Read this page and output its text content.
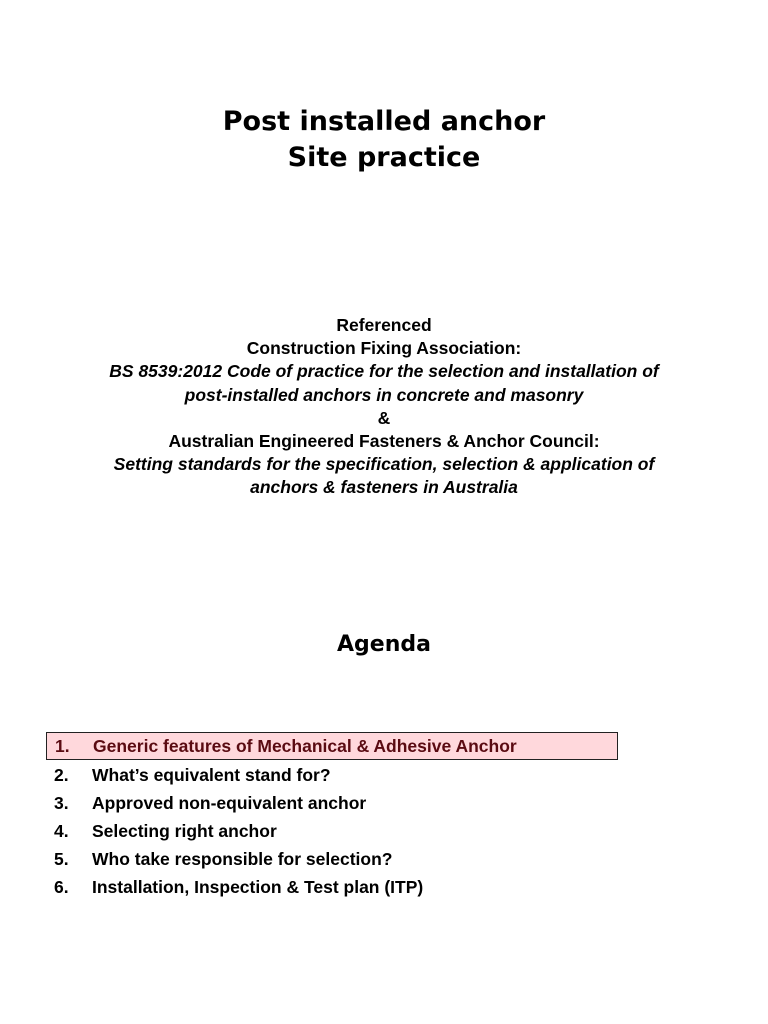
Post installed anchor
Site practice
Referenced
Construction Fixing Association:
BS 8539:2012 Code of practice for the selection and installation of
post-installed anchors in concrete and masonry
&
Australian Engineered Fasteners & Anchor Council:
Setting standards for the specification, selection & application of
anchors & fasteners in Australia
Agenda
1. Generic features of Mechanical & Adhesive Anchor
2. What’s equivalent stand for?
3. Approved non-equivalent anchor
4. Selecting right anchor
5. Who take responsible for selection?
6. Installation, Inspection & Test plan (ITP)
